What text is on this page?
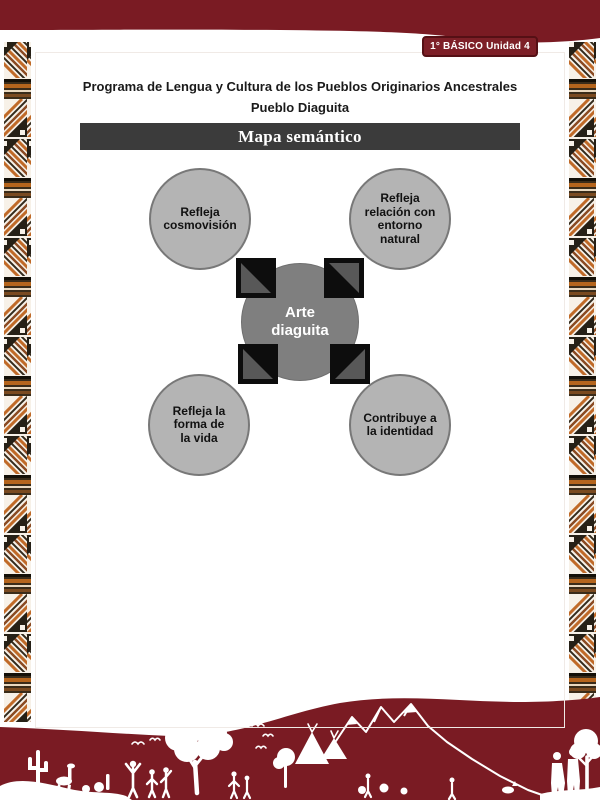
1° BÁSICO Unidad 4
Programa de Lengua y Cultura de los Pueblos Originarios Ancestrales
Pueblo Diaguita
Mapa semántico
Refleja
cosmovisión
Refleja
relación con
entorno
natural
Refleja la
forma de
la vida
Contribuye a
la identidad
Arte
diaguita
